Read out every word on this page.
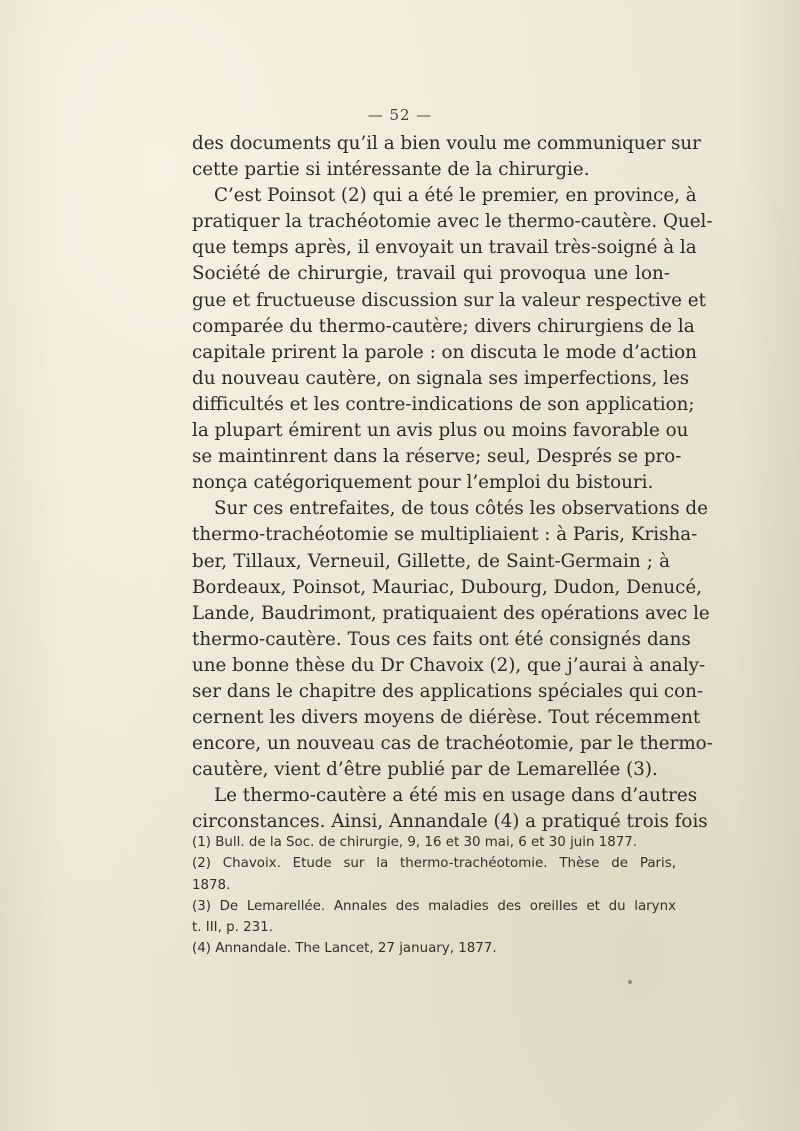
— 52 —
des documents qu’il a bien voulu me communiquer sur
cette partie si intéressante de la chirurgie.
C’est Poinsot (2) qui a été le premier, en province, à
pratiquer la trachéotomie avec le thermo-cautère. Quel-
que temps après, il envoyait un travail très-soigné à la
Société de chirurgie, travail qui provoqua une lon-
gue et fructueuse discussion sur la valeur respective et
comparée du thermo-cautère; divers chirurgiens de la
capitale prirent la parole : on discuta le mode d’action
du nouveau cautère, on signala ses imperfections, les
difficultés et les contre-indications de son application;
la plupart émirent un avis plus ou moins favorable ou
se maintinrent dans la réserve; seul, Després se pro-
nonça catégoriquement pour l’emploi du bistouri.
Sur ces entrefaites, de tous côtés les observations de
thermo-trachéotomie se multipliaient : à Paris, Krisha-
ber, Tillaux, Verneuil, Gillette, de Saint-Germain ; à
Bordeaux, Poinsot, Mauriac, Dubourg, Dudon, Denucé,
Lande, Baudrimont, pratiquaient des opérations avec le
thermo-cautère. Tous ces faits ont été consignés dans
une bonne thèse du Dr Chavoix (2), que j’aurai à analy-
ser dans le chapitre des applications spéciales qui con-
cernent les divers moyens de diérèse. Tout récemment
encore, un nouveau cas de trachéotomie, par le thermo-
cautère, vient d’être publié par de Lemarellée (3).
Le thermo-cautère a été mis en usage dans d’autres
circonstances. Ainsi, Annandale (4) a pratiqué trois fois
(1) Bull. de la Soc. de chirurgie, 9, 16 et 30 mai, 6 et 30 juin 1877.
(2) Chavoix. Etude sur la thermo-trachéotomie. Thèse de Paris,
1878.
(3) De Lemarellée. Annales des maladies des oreilles et du larynx
t. III, p. 231.
(4) Annandale. The Lancet, 27 january, 1877.
